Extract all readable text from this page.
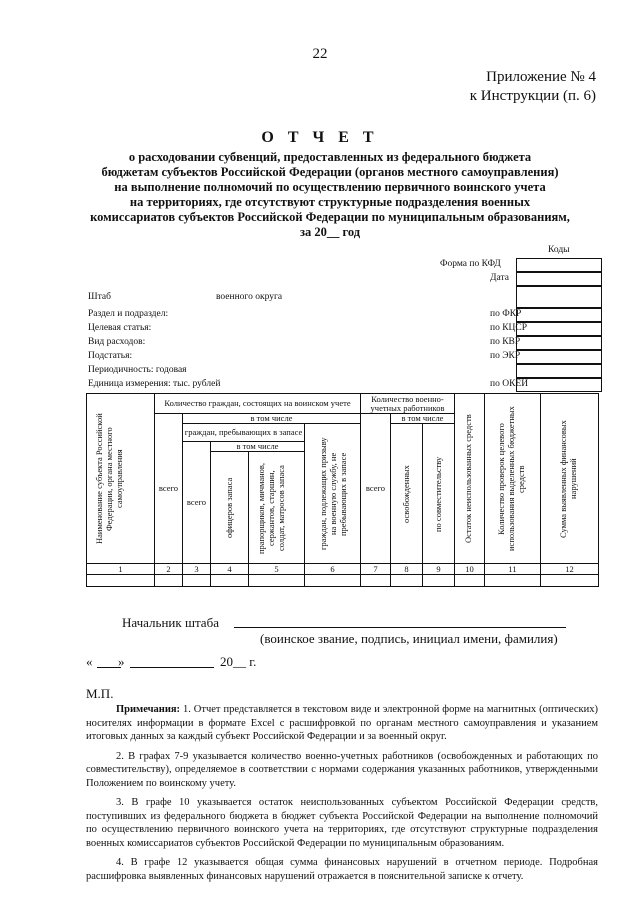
22
Приложение № 4
к Инструкции (п. 6)
О Т Ч Е Т
о расходовании субвенций, предоставленных из федерального бюджета
бюджетам субъектов Российской Федерации (органов местного самоуправления)
на выполнение полномочий по осуществлению первичного воинского учета
на территориях, где отсутствуют структурные подразделения военных
комиссариатов субъектов Российской Федерации по муниципальным образованиям,
за 20__ год
Коды
Форма по КФД
Дата
Штаб	военного округа
Раздел и подраздел:	по ФКР
Целевая статья:	по КЦСР
Вид расходов:	по КВР
Подстатья:	по ЭКР
Периодичность: годовая
Единица измерения: тыс. рублей	по ОКЕИ
Наименование субъекта Российской Федерации, органа местного самоуправления	Количество граждан, состоящих на воинском учете					Количество военно-учетных работников			Остаток неиспользованных средств	Количество проверок целевого использования выделенных бюджетных средств	Сумма выявленных финансовых нарушений

	всего	в том числе				всего	в том числе				
		граждан, пребывающих в запасе			граждан, подлежащих призыву на военную службу, не пребывающих в запасе		освобожденных	по совместительству			

		всего	в том числе								

			офицеров запаса	прапорщиков, мичманов, сержантов, старшин, солдат, матросов запаса							

1	2	3	4	5	6	7	8	9	10	11	12

Начальник штаба
(воинское звание, подпись, инициал имени, фамилия)
« »	20__ г.
М.П.

Примечания: 1. Отчет представляется в текстовом виде и электронной форме на магнитных (оптических) носителях информации в формате Excel с расшифровкой по органам местного самоуправления и указанием итоговых данных за каждый субъект Российской Федерации и за военный округ.

2. В графах 7-9 указывается количество военно-учетных работников (освобожденных и работающих по совместительству), определяемое в соответствии с нормами содержания указанных работников, утвержденными Положением по воинскому учету.

3. В графе 10 указывается остаток неиспользованных субъектом Российской Федерации средств, поступивших из федерального бюджета в бюджет субъекта Российской Федерации на выполнение полномочий по осуществлению первичного воинского учета на территориях, где отсутствуют структурные подразделения военных комиссариатов субъектов Российской Федерации по муниципальным образованиям.

4. В графе 12 указывается общая сумма финансовых нарушений в отчетном периоде. Подробная расшифровка выявленных финансовых нарушений отражается в пояснительной записке к отчету.
